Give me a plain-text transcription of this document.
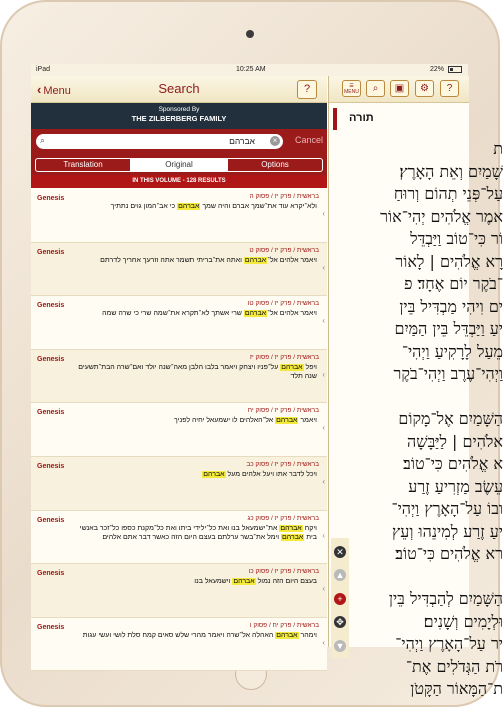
iPad	10:25 AM	22%
‹ Menu	Search	?
Sponsored By
THE ZILBERBERG FAMILY
⌕	אברהם	× Cancel
Translation	Original	Options
IN THIS VOLUME - 128 RESULTS
Genesis	בראשית / פרק יז / פסוק ה
ולא־יקרא עוד את־שמך אברם והיה שמך אברהם כי אב־המון גוים נתתיך
‹
Genesis	בראשית / פרק יז / פסוק ט
ויאמר אלהים אל־אברהם ואתה את־בריתי תשמר אתה וזרעך אחריך לדרתם
‹
Genesis	בראשית / פרק יז / פסוק טו
ויאמר אלהים אל־אברהם שרי אשתך לא־תקרא את־שמה שרי כי שרה שמה
‹
Genesis	בראשית / פרק יז / פסוק יז
ויפל אברהם על־פניו ויצחק ויאמר בלבו הלבן מאה־שנה יולד ואם־שרה הבת־תשעים שנה תלד ‹
Genesis	בראשית / פרק יז / פסוק יח
ויאמר אברהם אל־האלהים לו ישמעאל יחיה לפניך
‹
Genesis	בראשית / פרק יז / פסוק כב
ויכל לדבר אתו ויעל אלהים מעל אברהם
‹
Genesis	בראשית / פרק יז / פסוק כג
ויקח אברהם את־ישמעאל בנו ואת כל־ילידי ביתו ואת כל־מקנת כספו כל־זכר באנשי בית אברהם וימל את־בשר ערלתם בעצם היום הזה כאשר דבר אתם אלהים	‹
Genesis	בראשית / פרק יז / פסוק כו
בעצם היום הזה נמול אברהם וישמעאל בנו
‹
Genesis	בראשית / פרק יח / פסוק ו
וימהר אברהם האהלה אל־שרה ויאמר מהרי שלש סאים קמח סלת לושי ועשי עגות
‹
☰
MENU	⌕	▣	⚙	?
תורה
ת
שָׁמַיִם וְאֵת הָאָרֶץ׃
עַל־פְּנֵי תְהוֹם וְרוּחַ
אמֶר אֱלֹהִים יְהִי־אוֹר
וֹר כִּי־טוֹב וַיַּבְדֵּל
רָא אֱלֹהִים | לָאוֹר
־בֹקֶר יוֹם אֶחָד׃ פ
ים וִיהִי מַבְדִּיל בֵּין
יעַ וַיַּבְדֵּל בֵּין הַמַּיִם
מֵעַל לָרָקִיעַ וַיְהִי־
וַיְהִי־עֶרֶב וַיְהִי־בֹקֶר

הַשָּׁמַיִם אֶל־מָקוֹם
אלֹהִים | לַיַּבָּשָׁה
א אֱלֹהִים כִּי־טוֹב׃
עֵשֶׂב מַזְרִיעַ זֶרַע
ובוֹ עַל־הָאָרֶץ וַיְהִי־
יעַ זֶרַע לְמִינֵהוּ וְעֵץ
רא אֱלֹהִים כִּי־טוֹב׃

הַשָּׁמַיִם לְהַבְדִּיל בֵּין
וּלְיָמִים וְשָׁנִים׃
יר עַל־הָאָרֶץ וַיְהִי־
רֹת הַגְּדֹלִים אֶת־
ת־הַמָּאוֹר הַקָּטֹן
✕
▲
+
✥
▼
